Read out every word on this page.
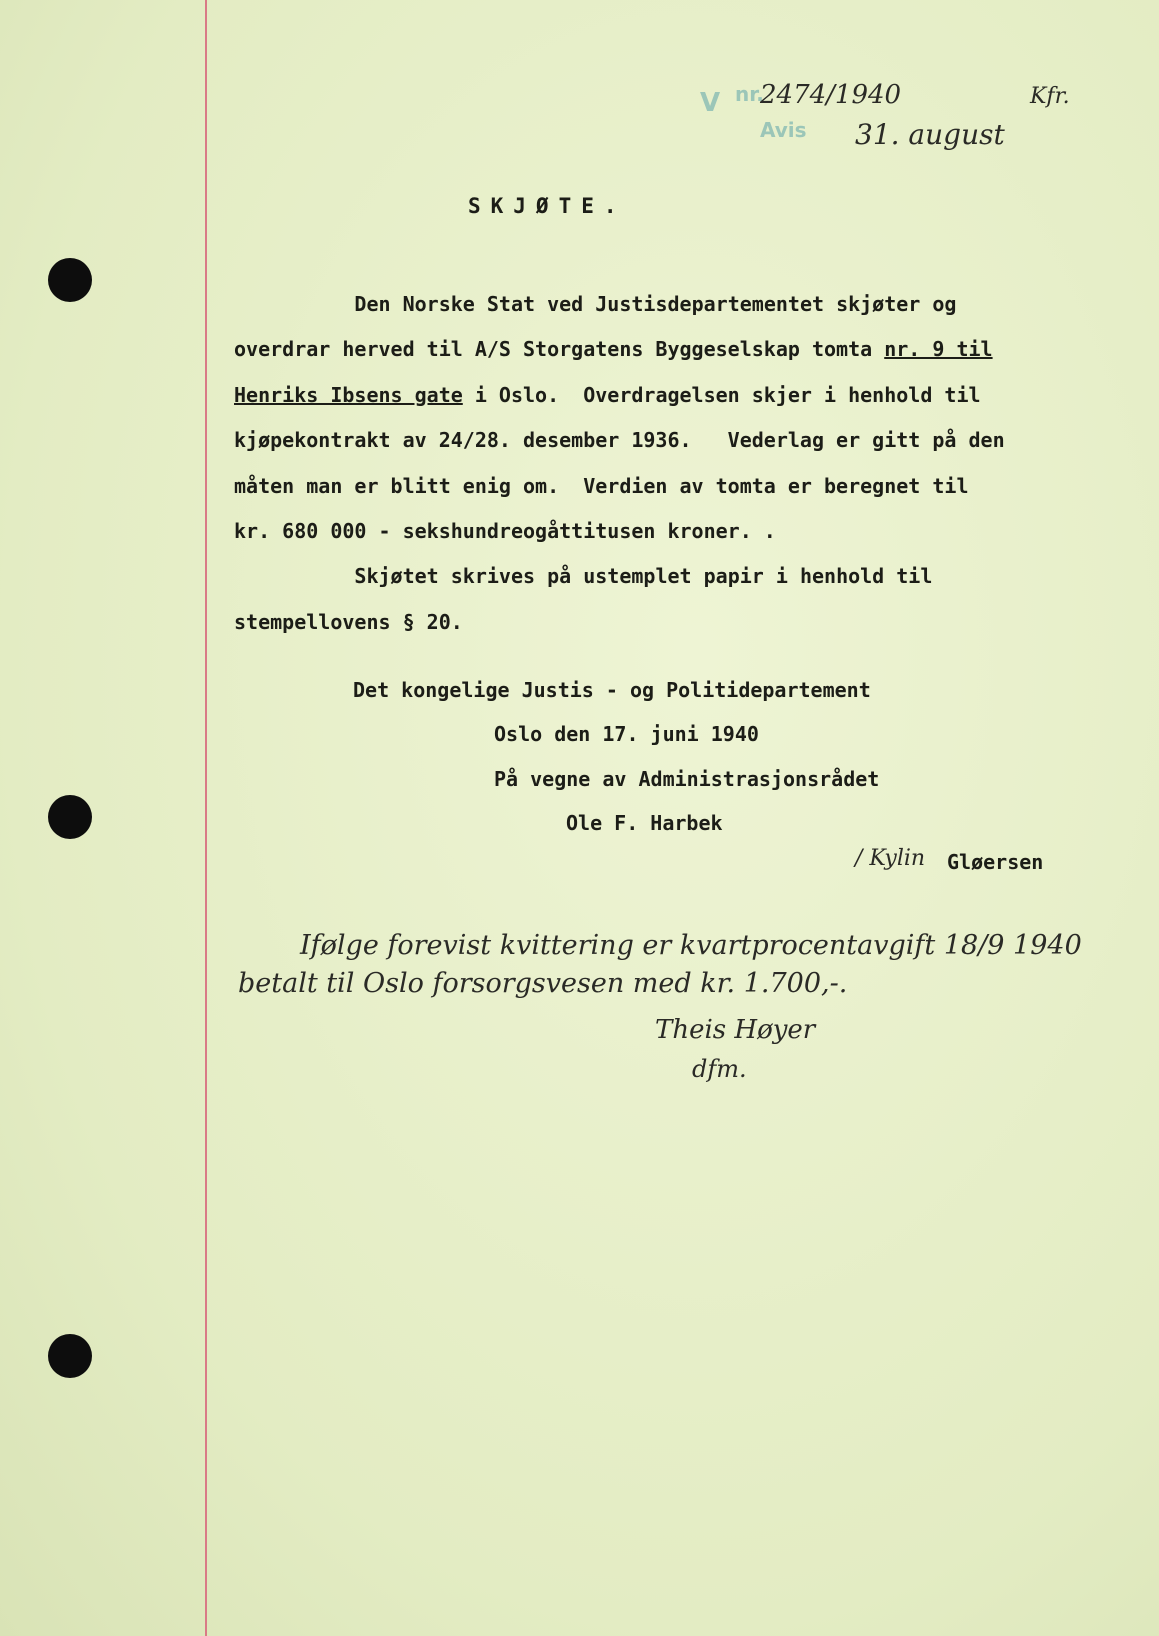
V nr.
Avis
2474/1940
31. august
Kfr.
SKJØTE.
Den Norske Stat ved Justisdepartementet skjøter og
overdrar herved til A/S Storgatens Byggeselskap tomta nr. 9 til
Henriks Ibsens gate i Oslo.  Overdragelsen skjer i henhold til
kjøpekontrakt av 24/28. desember 1936.   Vederlag er gitt på den
måten man er blitt enig om.  Verdien av tomta er beregnet til
kr. 680 000 - sekshundreogåttitusen kroner. .
Skjøtet skrives på ustemplet papir i henhold til
stempellovens § 20.
Det kongelige Justis - og Politidepartement
Oslo den 17. juni 1940
På vegne av Administrasjonsrådet
Ole F. Harbek
/ Kylin Gløersen
Ifølge forevist kvittering er kvartprocentavgift 18/9 1940
betalt til Oslo forsorgsvesen med kr. 1.700,-.
Theis Høyer
dfm.
